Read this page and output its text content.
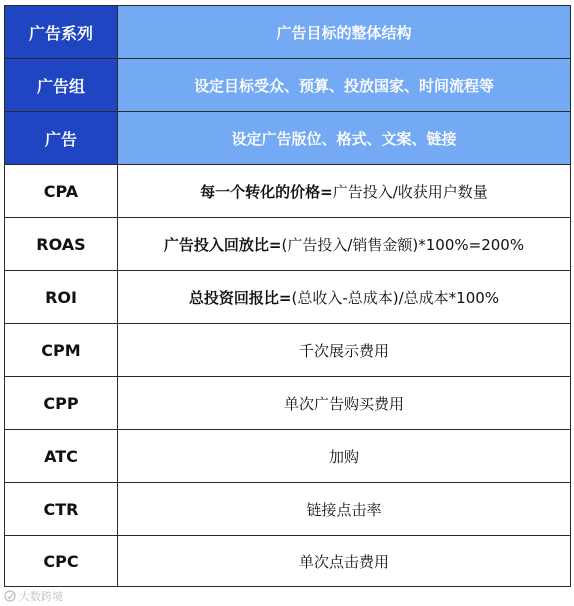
广告系列	广告目标的整体结构
广告组	设定目标受众、预算、投放国家、时间流程等
广告	设定广告版位、格式、文案、链接
CPA	每一个转化的价格=广告投入/收获用户数量
ROAS	广告投入回放比=(广告投入/销售金额)*100%=200%
ROI	总投资回报比=(总收入-总成本)/总成本*100%
CPM	千次展示费用
CPP	单次广告购买费用
ATC	加购
CTR	链接点击率
CPC	单次点击费用
大数跨境
